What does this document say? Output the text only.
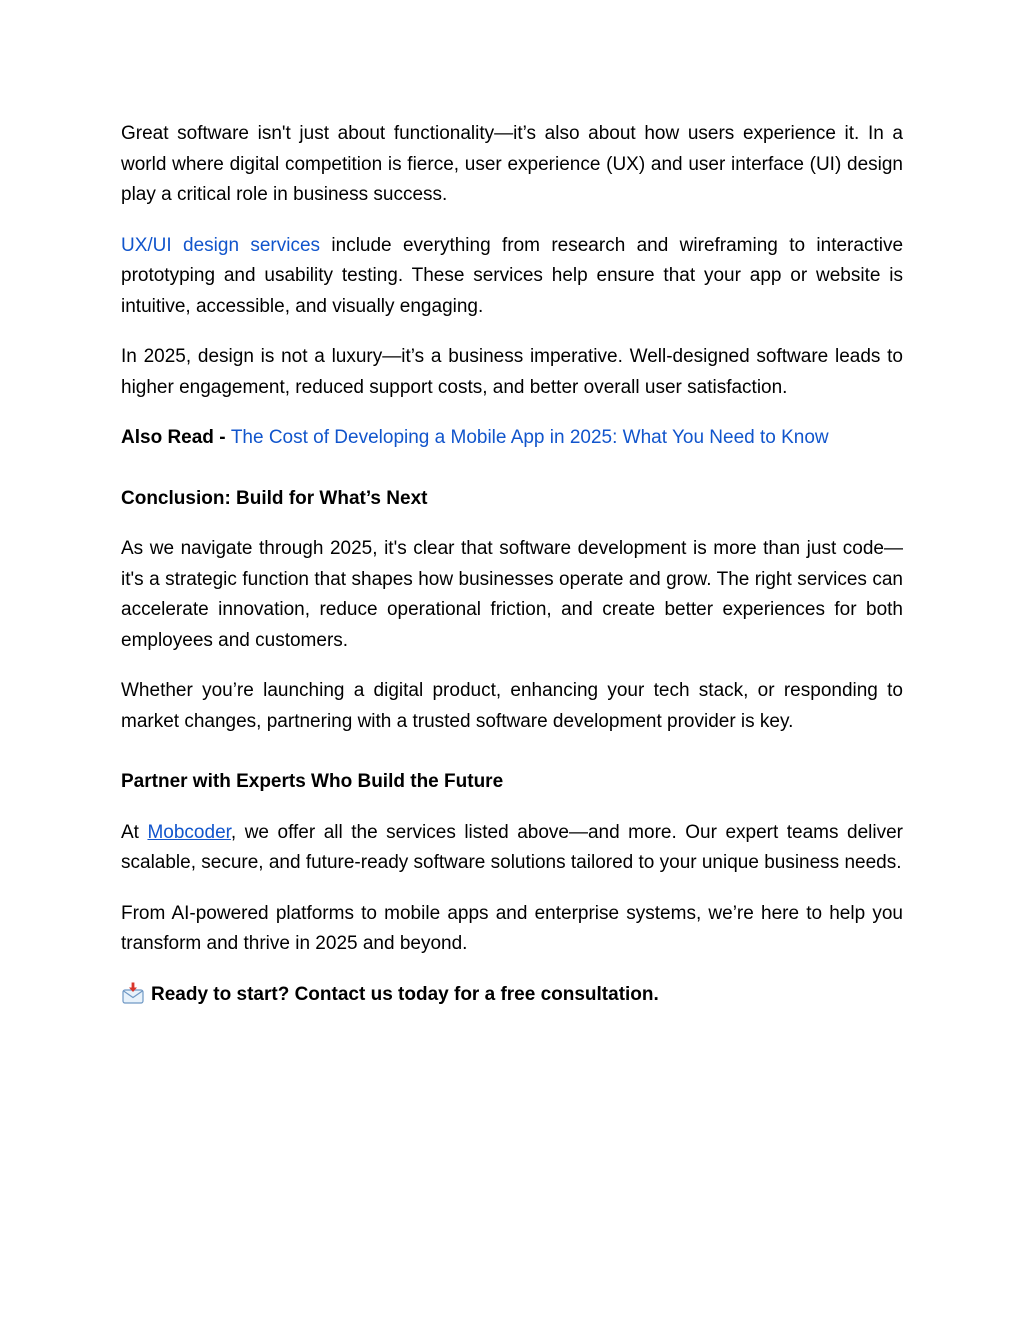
Great software isn't just about functionality—it’s also about how users experience it. In a world where digital competition is fierce, user experience (UX) and user interface (UI) design play a critical role in business success.

UX/UI design services include everything from research and wireframing to interactive prototyping and usability testing. These services help ensure that your app or website is intuitive, accessible, and visually engaging.

In 2025, design is not a luxury—it’s a business imperative. Well-designed software leads to higher engagement, reduced support costs, and better overall user satisfaction.

Also Read - The Cost of Developing a Mobile App in 2025: What You Need to Know

Conclusion: Build for What’s Next

As we navigate through 2025, it's clear that software development is more than just code—it's a strategic function that shapes how businesses operate and grow. The right services can accelerate innovation, reduce operational friction, and create better experiences for both employees and customers.

Whether you’re launching a digital product, enhancing your tech stack, or responding to market changes, partnering with a trusted software development provider is key.

Partner with Experts Who Build the Future

At Mobcoder, we offer all the services listed above—and more. Our expert teams deliver scalable, secure, and future-ready software solutions tailored to your unique business needs.

From AI-powered platforms to mobile apps and enterprise systems, we’re here to help you transform and thrive in 2025 and beyond.

Ready to start? Contact us today for a free consultation.
